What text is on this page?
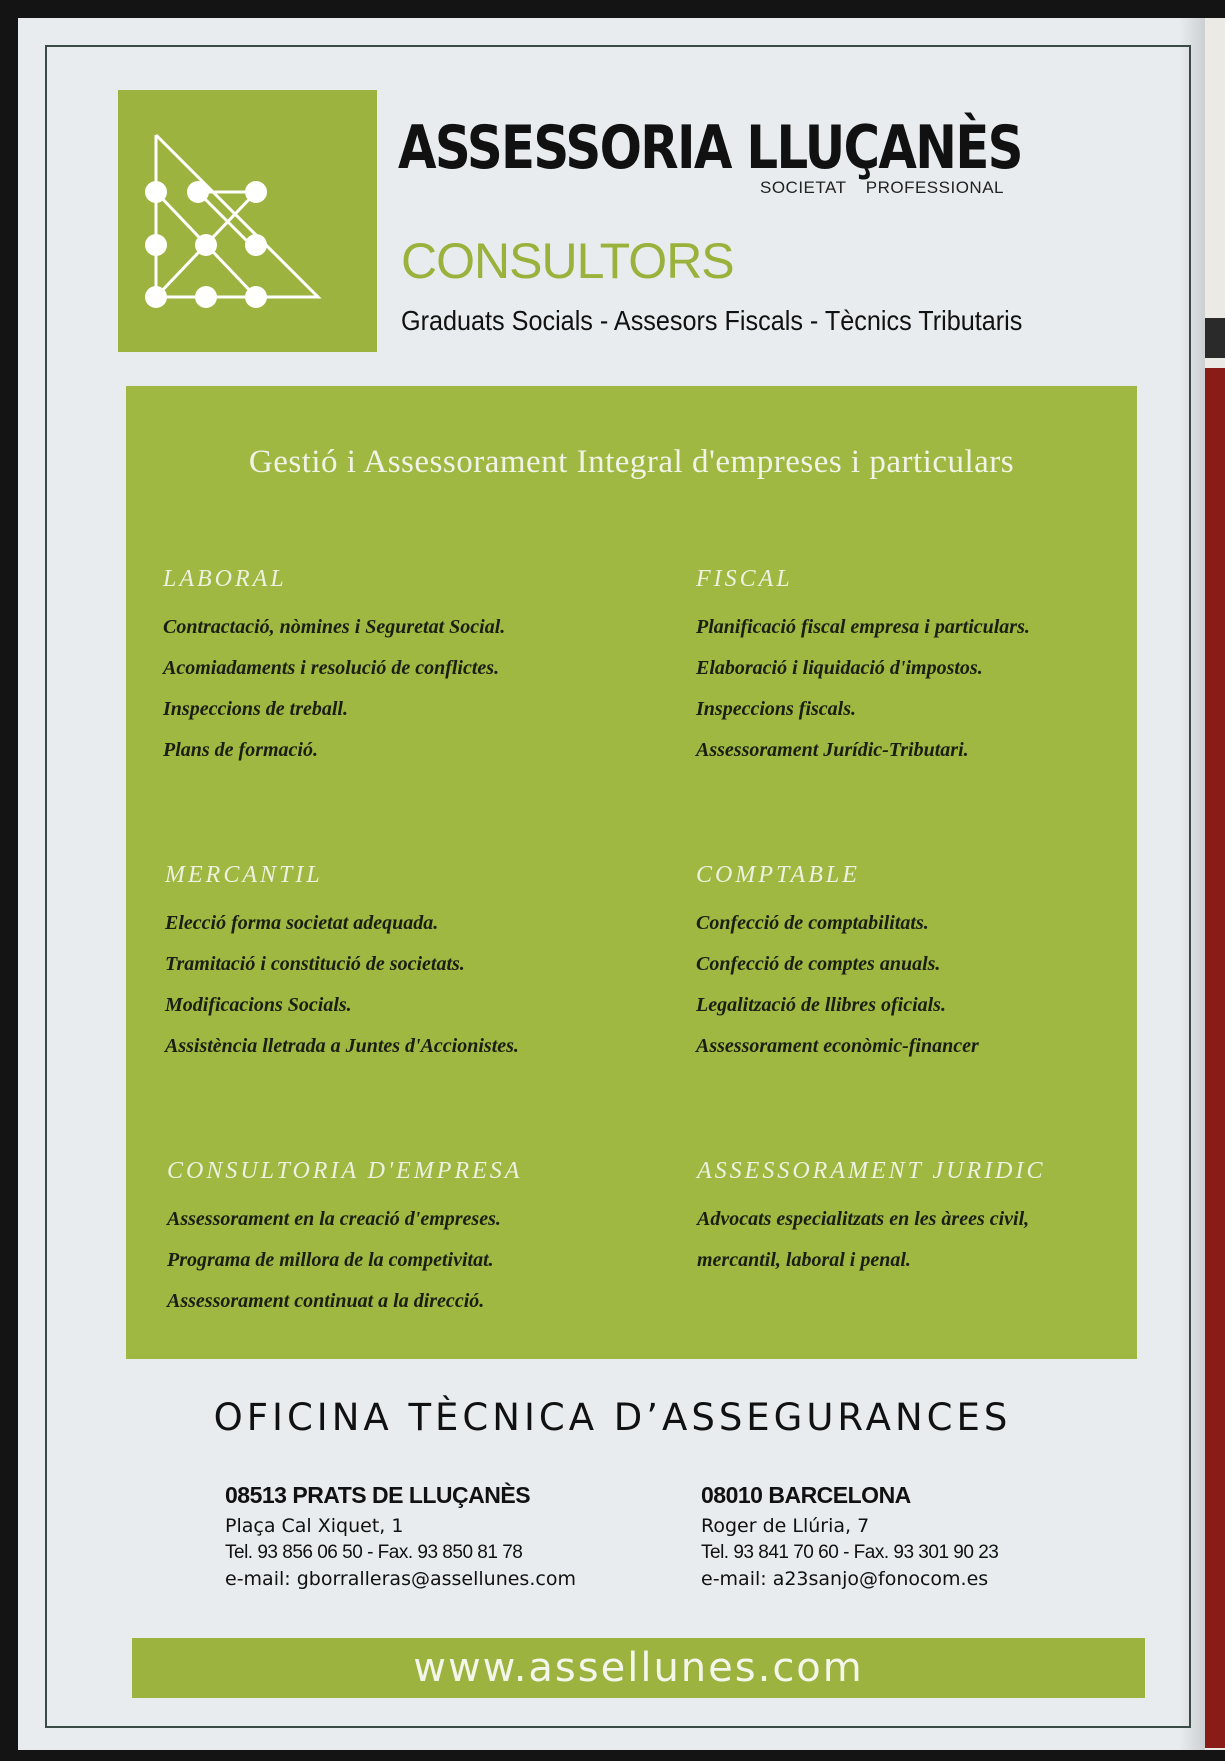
ASSESSORIA LLUÇANÈS
SOCIETAT PROFESSIONAL
CONSULTORS
Graduats Socials - Assesors Fiscals - Tècnics Tributaris
Gestió i Assessorament Integral d'empreses i particulars
LABORAL
Contractació, nòmines i Seguretat Social.
Acomiadaments i resolució de conflictes.
Inspeccions de treball.
Plans de formació.
FISCAL
Planificació fiscal empresa i particulars.
Elaboració i liquidació d'impostos.
Inspeccions fiscals.
Assessorament Jurídic-Tributari.
MERCANTIL
Elecció forma societat adequada.
Tramitació i constitució de societats.
Modificacions Socials.
Assistència lletrada a Juntes d'Accionistes.
COMPTABLE
Confecció de comptabilitats.
Confecció de comptes anuals.
Legalització de llibres oficials.
Assessorament econòmic-financer
CONSULTORIA D'EMPRESA
Assessorament en la creació d'empreses.
Programa de millora de la competivitat.
Assessorament continuat a la direcció.
ASSESSORAMENT JURIDIC
Advocats especialitzats en les àrees civil,
mercantil, laboral i penal.
OFICINA TÈCNICA D’ASSEGURANCES
08513 PRATS DE LLUÇANÈS
Plaça Cal Xiquet, 1
Tel. 93 856 06 50 - Fax. 93 850 81 78
e-mail: gborralleras@assellunes.com
08010 BARCELONA
Roger de Llúria, 7
Tel. 93 841 70 60 - Fax. 93 301 90 23
e-mail: a23sanjo@fonocom.es
www.assellunes.com
